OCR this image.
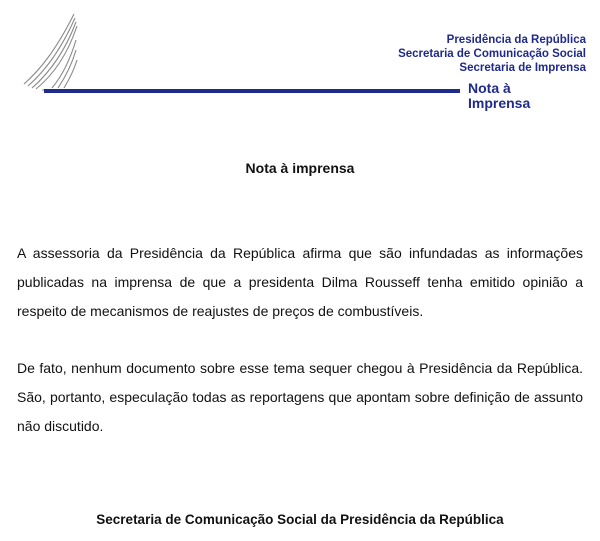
Presidência da República
Secretaria de Comunicação Social
Secretaria de Imprensa
Nota à
Imprensa
Nota à imprensa

A assessoria da Presidência da República afirma que são infundadas as informações publicadas na imprensa de que a presidenta Dilma Rousseff tenha emitido opinião a respeito de mecanismos de reajustes de preços de combustíveis.

De fato, nenhum documento sobre esse tema sequer chegou à Presidência da República. São, portanto, especulação todas as reportagens que apontam sobre definição de assunto não discutido.

Secretaria de Comunicação Social da Presidência da República
